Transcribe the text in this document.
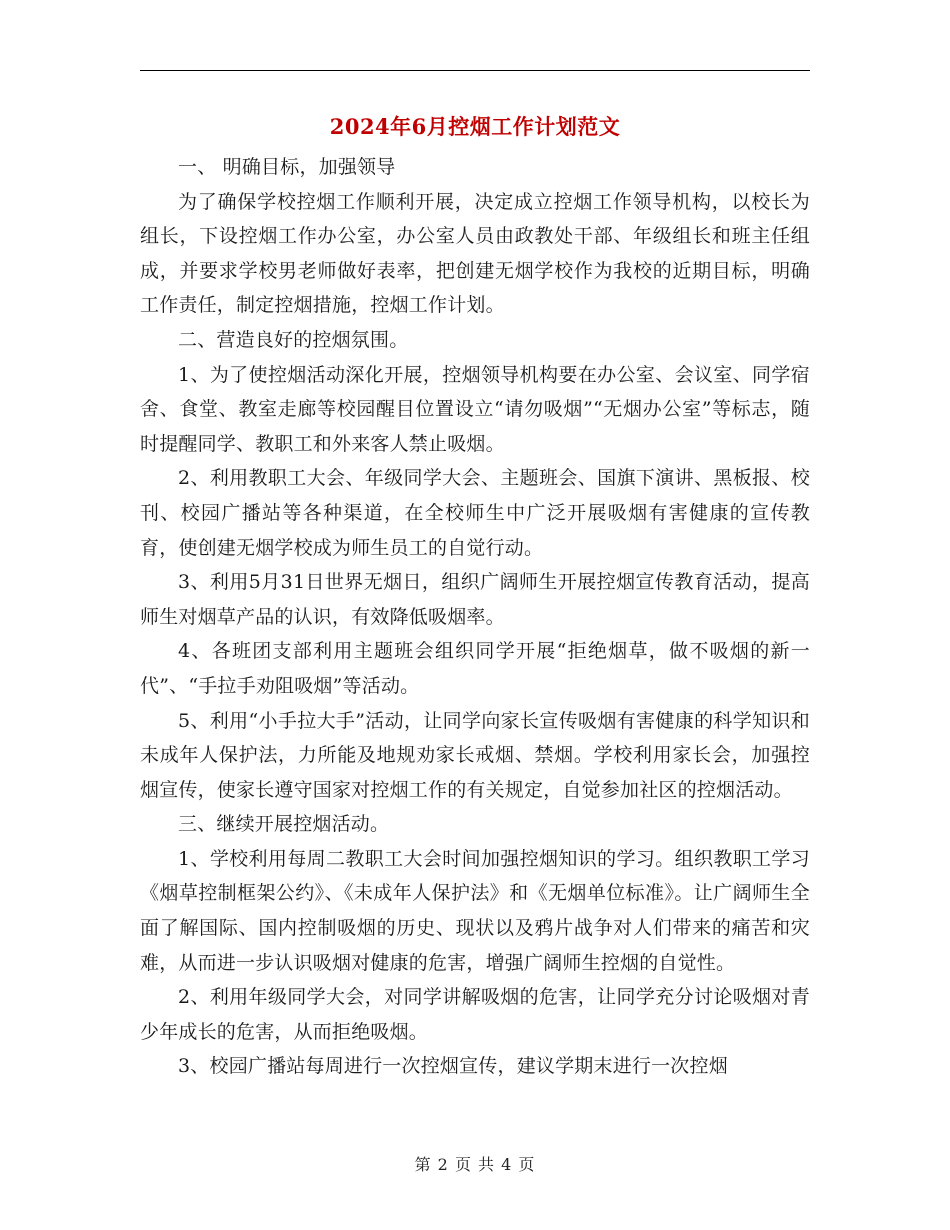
2024年6月控烟工作计划范文

一、 明确目标，加强领导

为了确保学校控烟工作顺利开展，决定成立控烟工作领导机构，以校长为组长，下设控烟工作办公室，办公室人员由政教处干部、年级组长和班主任组成，并要求学校男老师做好表率，把创建无烟学校作为我校的近期目标，明确工作责任，制定控烟措施，控烟工作计划。

二、营造良好的控烟氛围。

1、为了使控烟活动深化开展，控烟领导机构要在办公室、会议室、同学宿舍、食堂、教室走廊等校园醒目位置设立“请勿吸烟”“无烟办公室”等标志，随时提醒同学、教职工和外来客人禁止吸烟。

2、利用教职工大会、年级同学大会、主题班会、国旗下演讲、黑板报、校刊、校园广播站等各种渠道，在全校师生中广泛开展吸烟有害健康的宣传教育，使创建无烟学校成为师生员工的自觉行动。

3、利用5月31日世界无烟日，组织广阔师生开展控烟宣传教育活动，提高师生对烟草产品的认识，有效降低吸烟率。

4、各班团支部利用主题班会组织同学开展“拒绝烟草，做不吸烟的新一代”、“手拉手劝阻吸烟”等活动。

5、利用“小手拉大手”活动，让同学向家长宣传吸烟有害健康的科学知识和未成年人保护法，力所能及地规劝家长戒烟、禁烟。学校利用家长会，加强控烟宣传，使家长遵守国家对控烟工作的有关规定，自觉参加社区的控烟活动。

三、继续开展控烟活动。

1、学校利用每周二教职工大会时间加强控烟知识的学习。组织教职工学习《烟草控制框架公约》、《未成年人保护法》和《无烟单位标准》。让广阔师生全面了解国际、国内控制吸烟的历史、现状以及鸦片战争对人们带来的痛苦和灾难，从而进一步认识吸烟对健康的危害，增强广阔师生控烟的自觉性。

2、利用年级同学大会，对同学讲解吸烟的危害，让同学充分讨论吸烟对青少年成长的危害，从而拒绝吸烟。

3、校园广播站每周进行一次控烟宣传，建议学期末进行一次控烟

第 2 页 共 4 页
